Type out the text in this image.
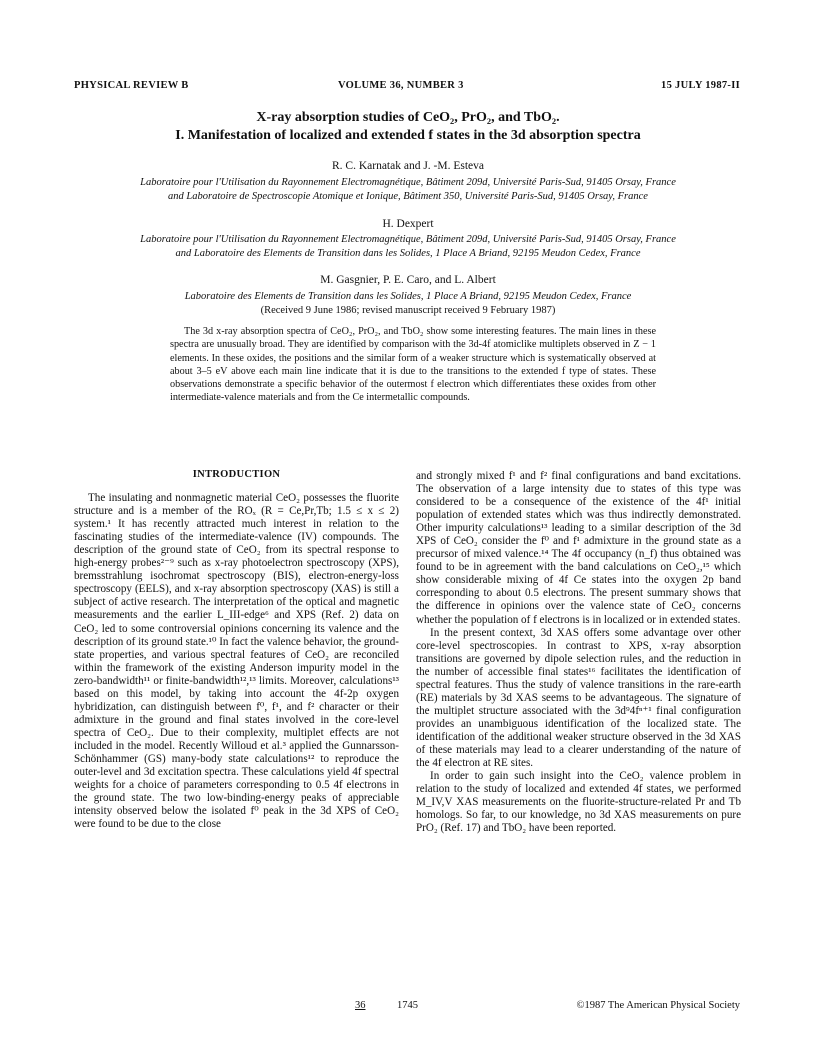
PHYSICAL REVIEW B	VOLUME 36, NUMBER 3	15 JULY 1987-II
X-ray absorption studies of CeO₂, PrO₂, and TbO₂.
I. Manifestation of localized and extended f states in the 3d absorption spectra
R. C. Karnatak and J. -M. Esteva
Laboratoire pour l'Utilisation du Rayonnement Electromagnétique, Bâtiment 209d, Université Paris-Sud, 91405 Orsay, France
and Laboratoire de Spectroscopie Atomique et Ionique, Bâtiment 350, Université Paris-Sud, 91405 Orsay, France
H. Dexpert
Laboratoire pour l'Utilisation du Rayonnement Electromagnétique, Bâtiment 209d, Université Paris-Sud, 91405 Orsay, France
and Laboratoire des Elements de Transition dans les Solides, 1 Place A Briand, 92195 Meudon Cedex, France
M. Gasgnier, P. E. Caro, and L. Albert
Laboratoire des Elements de Transition dans les Solides, 1 Place A Briand, 92195 Meudon Cedex, France
(Received 9 June 1986; revised manuscript received 9 February 1987)

The 3d x-ray absorption spectra of CeO₂, PrO₂, and TbO₂ show some interesting features. The main lines in these spectra are unusually broad. They are identified by comparison with the 3d-4f atomiclike multiplets observed in Z − 1 elements. In these oxides, the positions and the similar form of a weaker structure which is systematically observed at about 3–5 eV above each main line indicate that it is due to the transitions to the extended f type of states. These observations demonstrate a specific behavior of the outermost f electron which differentiates these oxides from other intermediate-valence materials and from the Ce intermetallic compounds.

INTRODUCTION

The insulating and nonmagnetic material CeO₂ possesses the fluorite structure and is a member of the ROₓ (R = Ce,Pr,Tb; 1.5 ≤ x ≤ 2) system.¹ It has recently attracted much interest in relation to the fascinating studies of the intermediate-valence (IV) compounds. The description of the ground state of CeO₂ from its spectral response to high-energy probes²⁻⁹ such as x-ray photoelectron spectroscopy (XPS), bremsstrahlung isochromat spectroscopy (BIS), electron-energy-loss spectroscopy (EELS), and x-ray absorption spectroscopy (XAS) is still a subject of active research. The interpretation of the optical and magnetic measurements and the earlier L_III-edge⁶ and XPS (Ref. 2) data on CeO₂ led to some controversial opinions concerning its valence and the description of its ground state.¹⁰ In fact the valence behavior, the ground-state properties, and various spectral features of CeO₂ are reconciled within the framework of the existing Anderson impurity model in the zero-bandwidth¹¹ or finite-bandwidth¹²,¹³ limits. Moreover, calculations¹³ based on this model, by taking into account the 4f-2p oxygen hybridization, can distinguish between f⁰, f¹, and f² character or their admixture in the ground and final states involved in the core-level spectra of CeO₂. Due to their complexity, multiplet effects are not included in the model. Recently Willoud et al.³ applied the Gunnarsson-Schönhammer (GS) many-body state calculations¹² to reproduce the outer-level and 3d excitation spectra. These calculations yield 4f spectral weights for a choice of parameters corresponding to 0.5 4f electrons in the ground state. The two low-binding-energy peaks of appreciable intensity observed below the isolated f⁰ peak in the 3d XPS of CeO₂ were found to be due to the close

and strongly mixed f¹ and f² final configurations and band excitations. The observation of a large intensity due to states of this type was considered to be a consequence of the existence of the 4f¹ initial population of extended states which was thus indirectly demonstrated. Other impurity calculations¹³ leading to a similar description of the 3d XPS of CeO₂ consider the f⁰ and f¹ admixture in the ground state as a precursor of mixed valence.¹⁴ The 4f occupancy (n_f) thus obtained was found to be in agreement with the band calculations on CeO₂,¹⁵ which show considerable mixing of 4f Ce states into the oxygen 2p band corresponding to about 0.5 electrons. The present summary shows that the difference in opinions over the valence state of CeO₂ concerns whether the population of f electrons is in localized or in extended states.

In the present context, 3d XAS offers some advantage over other core-level spectroscopies. In contrast to XPS, x-ray absorption transitions are governed by dipole selection rules, and the reduction in the number of accessible final states¹⁶ facilitates the identification of spectral features. Thus the study of valence transitions in the rare-earth (RE) materials by 3d XAS seems to be advantageous. The signature of the multiplet structure associated with the 3d⁹4fⁿ⁺¹ final configuration provides an unambiguous identification of the localized state. The identification of the additional weaker structure observed in the 3d XAS of these materials may lead to a clearer understanding of the nature of the 4f electron at RE sites.

In order to gain such insight into the CeO₂ valence problem in relation to the study of localized and extended 4f states, we performed M_IV,V XAS measurements on the fluorite-structure-related Pr and Tb homologs. So far, to our knowledge, no 3d XAS measurements on pure PrO₂ (Ref. 17) and TbO₂ have been reported.

36	1745	©1987 The American Physical Society
